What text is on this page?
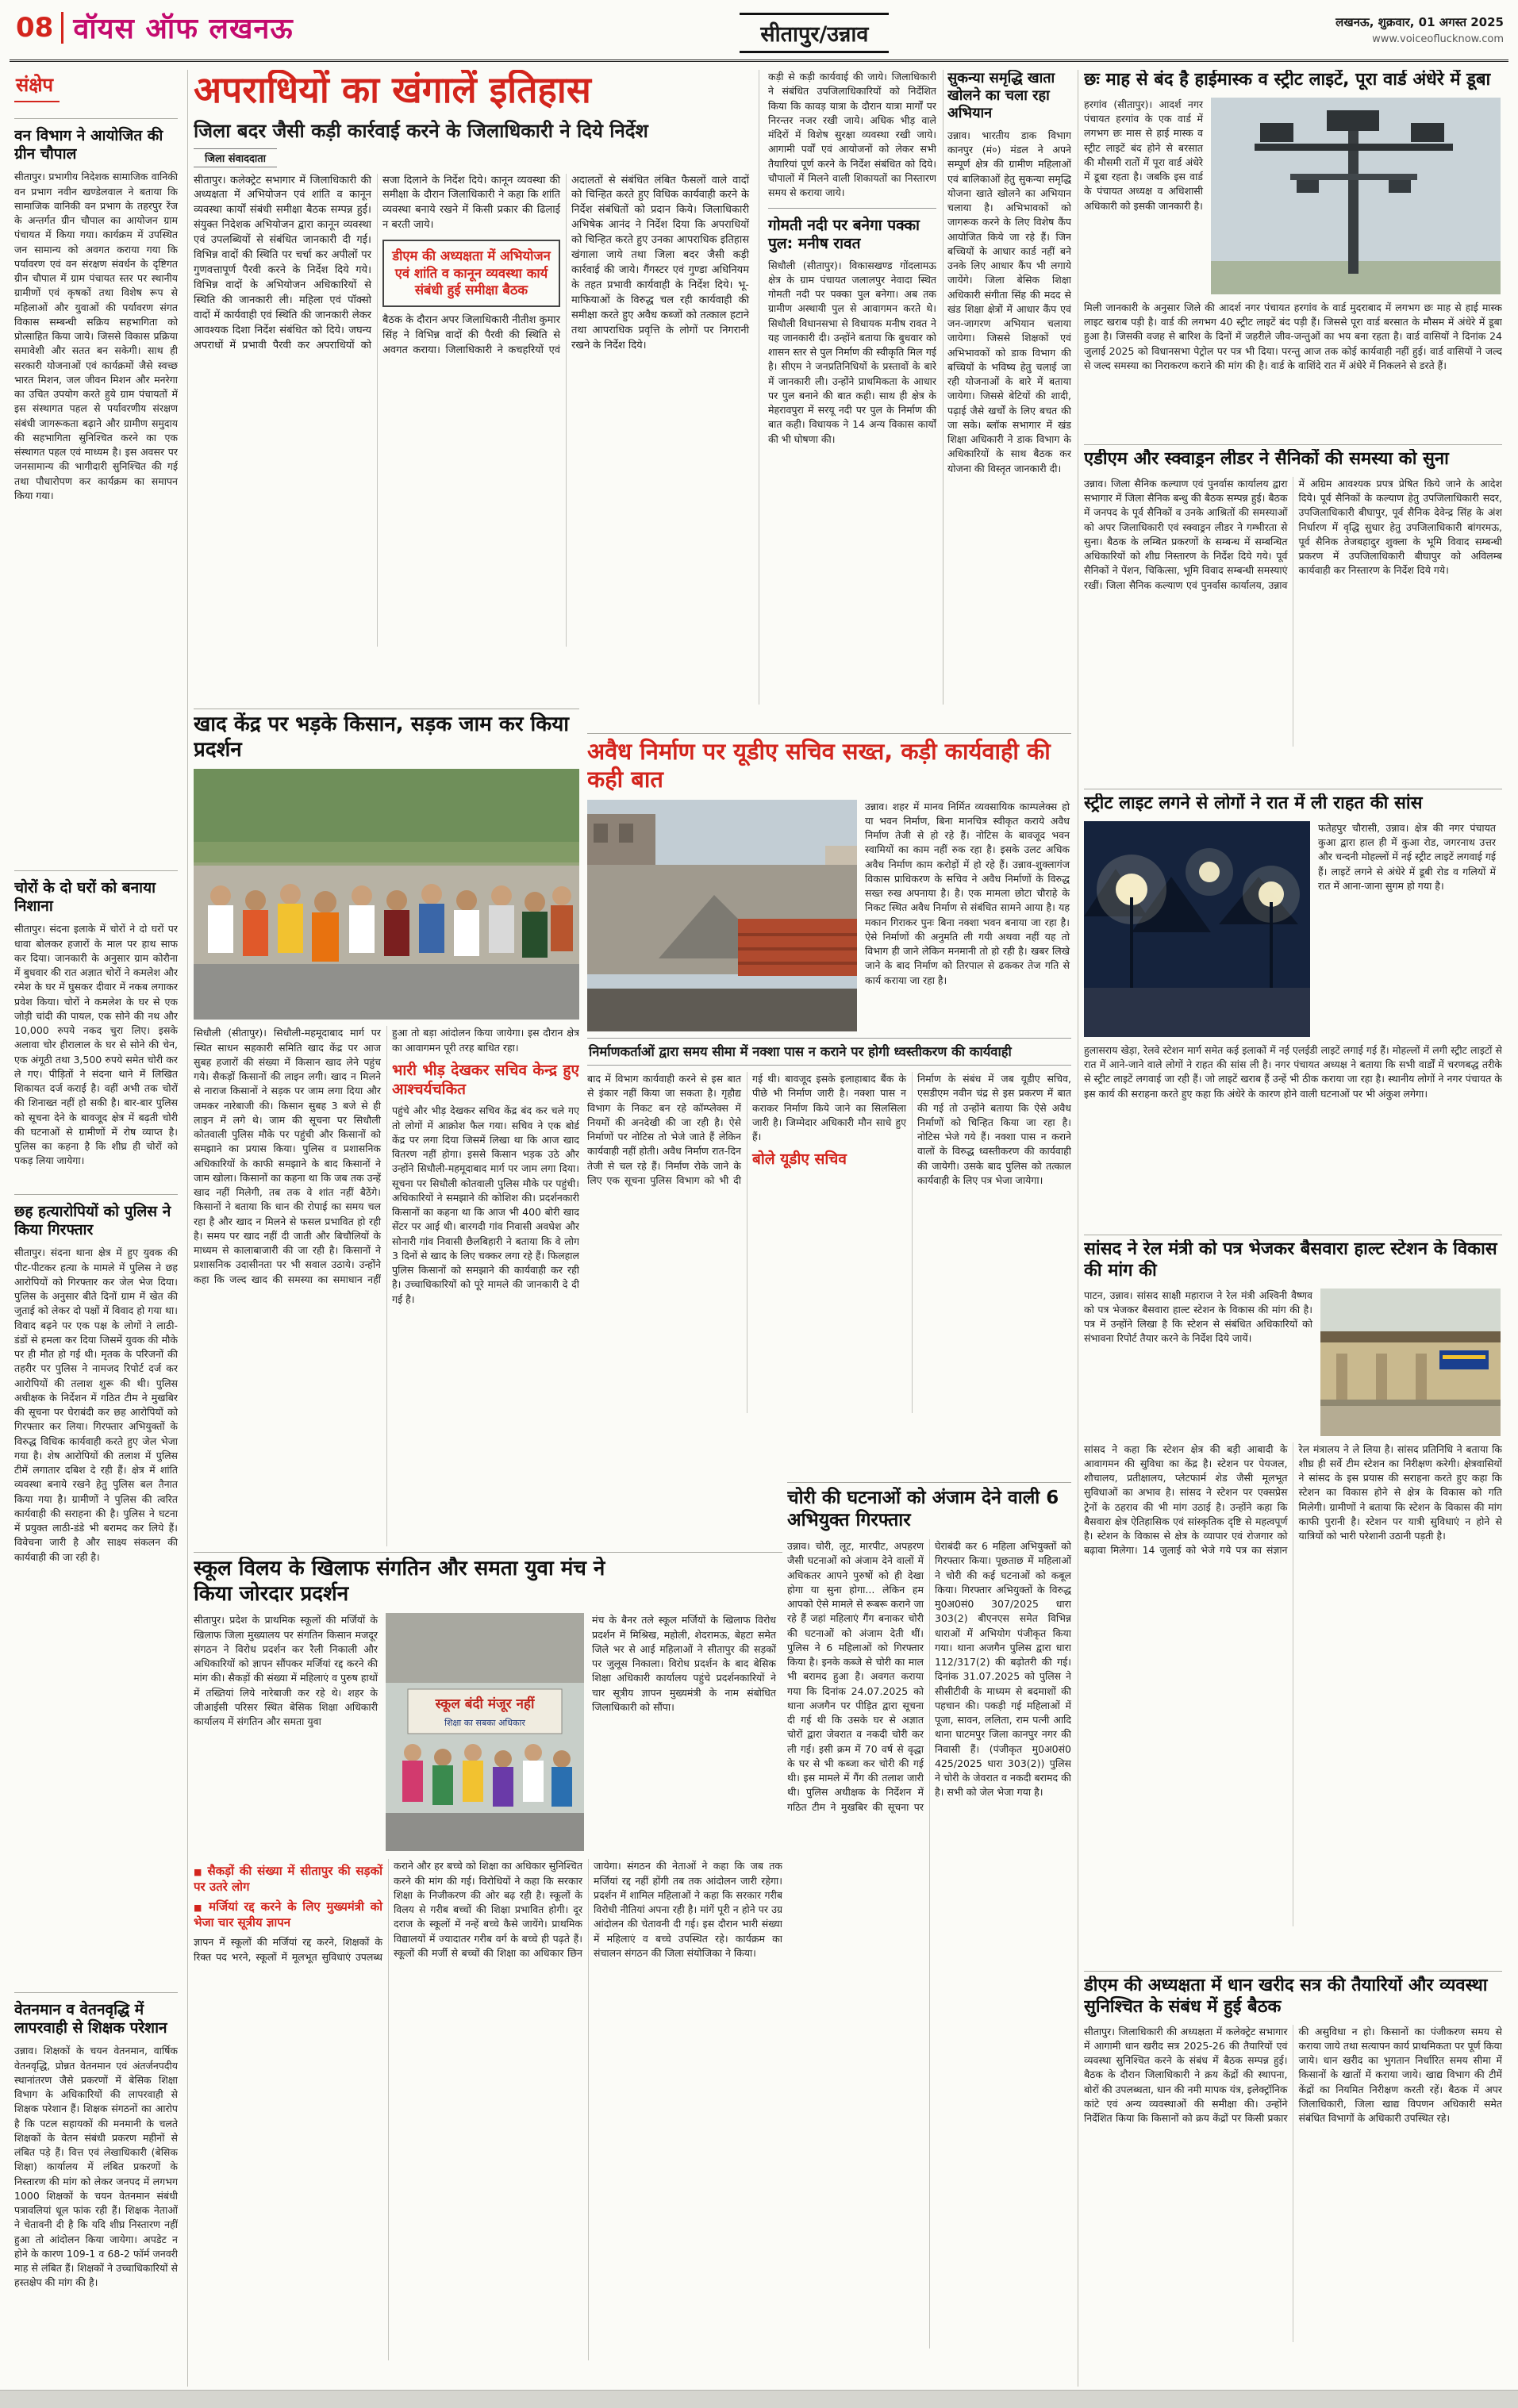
08 वॉयस ऑफ लखनऊ	सीतापुर/उन्नाव	लखनऊ, शुक्रवार, 01 अगस्त 2025
www.voiceoflucknow.com
संक्षेप
वन विभाग ने आयोजित की ग्रीन चौपाल
सीतापुर। प्रभागीय निदेशक सामाजिक वानिकी वन प्रभाग नवीन खण्डेलवाल ने बताया कि सामाजिक वानिकी वन प्रभाग के तहरपुर रेंज के अन्तर्गत ग्रीन चौपाल का आयोजन ग्राम पंचायत में किया गया। कार्यक्रम में उपस्थित जन सामान्य को अवगत कराया गया कि पर्यावरण एवं वन संरक्षण संवर्धन के दृष्टिगत ग्रीन चौपाल में ग्राम पंचायत स्तर पर स्थानीय ग्रामीणों एवं कृषकों तथा विशेष रूप से महिलाओं और युवाओं की पर्यावरण संगत विकास सम्बन्धी सक्रिय सहभागिता को प्रोत्साहित किया जाये। जिससे विकास प्रक्रिया समावेशी और सतत बन सकेगी। साथ ही सरकारी योजनाओं एवं कार्यक्रमों जैसे स्वच्छ भारत मिशन, जल जीवन मिशन और मनरेगा का उचित उपयोग करते हुये ग्राम पंचायतों में इस संस्थागत पहल से पर्यावरणीय संरक्षण संबंधी जागरूकता बढ़ाने और ग्रामीण समुदाय की सहभागिता सुनिश्चित करने का एक संस्थागत पहल एवं माध्यम है। इस अवसर पर जनसामान्य की भागीदारी सुनिश्चित की गई तथा पौधारोपण कर कार्यक्रम का समापन किया गया।
चोरों के दो घरों को बनाया निशाना
सीतापुर। संदना इलाके में चोरों ने दो घरों पर धावा बोलकर हजारों के माल पर हाथ साफ कर दिया। जानकारी के अनुसार ग्राम कोरौना में बुधवार की रात अज्ञात चोरों ने कमलेश और रमेश के घर में घुसकर दीवार में नकब लगाकर प्रवेश किया। चोरों ने कमलेश के घर से एक जोड़ी चांदी की पायल, एक सोने की नथ और 10,000 रुपये नकद चुरा लिए। इसके अलावा चोर हीरालाल के घर से सोने की चेन, एक अंगूठी तथा 3,500 रुपये समेत चोरी कर ले गए। पीड़ितों ने संदना थाने में लिखित शिकायत दर्ज कराई है। वहीं अभी तक चोरों की शिनाख्त नहीं हो सकी है। बार-बार पुलिस को सूचना देने के बावजूद क्षेत्र में बढ़ती चोरी की घटनाओं से ग्रामीणों में रोष व्याप्त है। पुलिस का कहना है कि शीघ्र ही चोरों को पकड़ लिया जायेगा।
छह हत्यारोपियों को पुलिस ने किया गिरफ्तार
सीतापुर। संदना थाना क्षेत्र में हुए युवक की पीट-पीटकर हत्या के मामले में पुलिस ने छह आरोपियों को गिरफ्तार कर जेल भेज दिया। पुलिस के अनुसार बीते दिनों ग्राम में खेत की जुताई को लेकर दो पक्षों में विवाद हो गया था। विवाद बढ़ने पर एक पक्ष के लोगों ने लाठी-डंडों से हमला कर दिया जिसमें युवक की मौके पर ही मौत हो गई थी। मृतक के परिजनों की तहरीर पर पुलिस ने नामजद रिपोर्ट दर्ज कर आरोपियों की तलाश शुरू की थी। पुलिस अधीक्षक के निर्देशन में गठित टीम ने मुखबिर की सूचना पर घेराबंदी कर छह आरोपियों को गिरफ्तार कर लिया। गिरफ्तार अभियुक्तों के विरुद्ध विधिक कार्यवाही करते हुए जेल भेजा गया है। शेष आरोपियों की तलाश में पुलिस टीमें लगातार दबिश दे रही हैं। क्षेत्र में शांति व्यवस्था बनाये रखने हेतु पुलिस बल तैनात किया गया है। ग्रामीणों ने पुलिस की त्वरित कार्यवाही की सराहना की है। पुलिस ने घटना में प्रयुक्त लाठी-डंडे भी बरामद कर लिये हैं। विवेचना जारी है और साक्ष्य संकलन की कार्यवाही की जा रही है।
वेतनमान व वेतनवृद्धि में लापरवाही से शिक्षक परेशान
उन्नाव। शिक्षकों के चयन वेतनमान, वार्षिक वेतनवृद्धि, प्रोन्नत वेतनमान एवं अंतर्जनपदीय स्थानांतरण जैसे प्रकरणों में बेसिक शिक्षा विभाग के अधिकारियों की लापरवाही से शिक्षक परेशान हैं। शिक्षक संगठनों का आरोप है कि पटल सहायकों की मनमानी के चलते शिक्षकों के वेतन संबंधी प्रकरण महीनों से लंबित पड़े हैं। वित्त एवं लेखाधिकारी (बेसिक शिक्षा) कार्यालय में लंबित प्रकरणों के निस्तारण की मांग को लेकर जनपद में लगभग 1000 शिक्षकों के चयन वेतनमान संबंधी पत्रावलियां धूल फांक रही हैं। शिक्षक नेताओं ने चेतावनी दी है कि यदि शीघ्र निस्तारण नहीं हुआ तो आंदोलन किया जायेगा। अपडेट न होने के कारण 109-1 व 68-2 फॉर्म जनवरी माह से लंबित हैं। शिक्षकों ने उच्चाधिकारियों से हस्तक्षेप की मांग की है।
अपराधियों का खंगालें इतिहास
जिला बदर जैसी कड़ी कार्रवाई करने के जिलाधिकारी ने दिये निर्देश
जिला संवाददाता
सीतापुर। कलेक्ट्रेट सभागार में जिलाधिकारी की अध्यक्षता में अभियोजन एवं शांति व कानून व्यवस्था कार्यों संबंधी समीक्षा बैठक सम्पन्न हुई। संयुक्त निदेशक अभियोजन द्वारा कानून व्यवस्था एवं उपलब्धियों से संबंधित जानकारी दी गई। विभिन्न वादों की स्थिति पर चर्चा कर अपीलों पर गुणवत्तापूर्ण पैरवी करने के निर्देश दिये गये। विभिन्न वादों के अभियोजन अधिकारियों से स्थिति की जानकारी ली। महिला एवं पॉक्सो वादों में कार्यवाही एवं स्थिति की जानकारी लेकर आवश्यक दिशा निर्देश संबंधित को दिये। जघन्य अपराधों में प्रभावी पैरवी कर अपराधियों को सजा दिलाने के निर्देश दिये। कानून व्यवस्था की समीक्षा के दौरान जिलाधिकारी ने कहा कि शांति व्यवस्था बनाये रखने में किसी प्रकार की ढिलाई न बरती जाये।
डीएम की अध्यक्षता में अभियोजन एवं शांति व कानून व्यवस्था कार्य संबंधी हुई समीक्षा बैठक
बैठक के दौरान अपर जिलाधिकारी नीतीश कुमार सिंह ने विभिन्न वादों की पैरवी की स्थिति से अवगत कराया। जिलाधिकारी ने कचहरियों एवं अदालतों से संबंधित लंबित फैसलों वाले वादों को चिन्हित करते हुए विधिक कार्यवाही करने के निर्देश संबंधितों को प्रदान किये। जिलाधिकारी अभिषेक आनंद ने निर्देश दिया कि अपराधियों को चिन्हित करते हुए उनका आपराधिक इतिहास खंगाला जाये तथा जिला बदर जैसी कड़ी कार्रवाई की जाये। गैंगस्टर एवं गुण्डा अधिनियम के तहत प्रभावी कार्यवाही के निर्देश दिये। भू-माफियाओं के विरुद्ध चल रही कार्यवाही की समीक्षा करते हुए अवैध कब्जों को तत्काल हटाने तथा आपराधिक प्रवृत्ति के लोगों पर निगरानी रखने के निर्देश दिये।
कड़ी से कड़ी कार्यवाई की जाये। जिलाधिकारी ने संबंधित उपजिलाधिकारियों को निर्देशित किया कि कावड़ यात्रा के दौरान यात्रा मार्गों पर निरन्तर नजर रखी जाये। अधिक भीड़ वाले मंदिरों में विशेष सुरक्षा व्यवस्था रखी जाये। आगामी पर्वों एवं आयोजनों को लेकर सभी तैयारियां पूर्ण करने के निर्देश संबंधित को दिये। चौपालों में मिलने वाली शिकायतों का निस्तारण समय से कराया जाये।
गोमती नदी पर बनेगा पक्का पुल: मनीष रावत
सिधौली (सीतापुर)। विकासखण्ड गोंदलामऊ क्षेत्र के ग्राम पंचायत जलालपुर नेवादा स्थित गोमती नदी पर पक्का पुल बनेगा। अब तक ग्रामीण अस्थायी पुल से आवागमन करते थे। सिधौली विधानसभा से विधायक मनीष रावत ने यह जानकारी दी। उन्होंने बताया कि बुधवार को शासन स्तर से पुल निर्माण की स्वीकृति मिल गई है। सीएम ने जनप्रतिनिधियों के प्रस्तावों के बारे में जानकारी ली। उन्होंने प्राथमिकता के आधार पर पुल बनाने की बात कही। साथ ही क्षेत्र के मेहरावपुरा में सरयू नदी पर पुल के निर्माण की बात कही। विधायक ने 14 अन्य विकास कार्यों की भी घोषणा की।
सुकन्या समृद्धि खाता खोलने का चला रहा अभियान
उन्नाव। भारतीय डाक विभाग कानपुर (मं०) मंडल ने अपने सम्पूर्ण क्षेत्र की ग्रामीण महिलाओं एवं बालिकाओं हेतु सुकन्या समृद्धि योजना खाते खोलने का अभियान चलाया है। अभिभावकों को जागरूक करने के लिए विशेष कैंप आयोजित किये जा रहे हैं। जिन बच्चियों के आधार कार्ड नहीं बने उनके लिए आधार कैंप भी लगाये जायेंगे। जिला बेसिक शिक्षा अधिकारी संगीता सिंह की मदद से खंड शिक्षा क्षेत्रों में आधार कैंप एवं जन-जागरण अभियान चलाया जायेगा। जिससे शिक्षकों एवं अभिभावकों को डाक विभाग की बच्चियों के भविष्य हेतु चलाई जा रही योजनाओं के बारे में बताया जायेगा। जिससे बेटियों की शादी, पढ़ाई जैसे खर्चों के लिए बचत की जा सके। ब्लॉक सभागार में खंड शिक्षा अधिकारी ने डाक विभाग के अधिकारियों के साथ बैठक कर योजना की विस्तृत जानकारी दी।
छः माह से बंद है हाईमास्क व स्ट्रीट लाइटें, पूरा वार्ड अंधेरे में डूबा
हरगांव (सीतापुर)। आदर्श नगर पंचायत हरगांव के एक वार्ड में लगभग छः मास से हाई मास्क व स्ट्रीट लाइटें बंद होने से बरसात की मौसमी रातों में पूरा वार्ड अंधेरे में डूबा रहता है। जबकि इस वार्ड के पंचायत अध्यक्ष व अधिशासी अधिकारी को इसकी जानकारी है।
मिली जानकारी के अनुसार जिले की आदर्श नगर पंचायत हरगांव के वार्ड मुदराबाद में लगभग छः माह से हाई मास्क लाइट खराब पड़ी है। वार्ड की लगभग 40 स्ट्रीट लाइटें बंद पड़ी हैं। जिससे पूरा वार्ड बरसात के मौसम में अंधेरे में डूबा हुआ है। जिसकी वजह से बारिश के दिनों में जहरीले जीव-जन्तुओं का भय बना रहता है। वार्ड वासियों ने दिनांक 24 जुलाई 2025 को विधानसभा पेट्रोल पर पत्र भी दिया। परन्तु आज तक कोई कार्यवाही नहीं हुई। वार्ड वासियों ने जल्द से जल्द समस्या का निराकरण कराने की मांग की है। वार्ड के वाशिंदे रात में अंधेरे में निकलने से डरते हैं।
एडीएम और स्क्वाड्रन लीडर ने सैनिकों की समस्या को सुना
उन्नाव। जिला सैनिक कल्याण एवं पुनर्वास कार्यालय द्वारा सभागार में जिला सैनिक बन्धु की बैठक सम्पन्न हुई। बैठक में जनपद के पूर्व सैनिकों व उनके आश्रितों की समस्याओं को अपर जिलाधिकारी एवं स्क्वाड्रन लीडर ने गम्भीरता से सुना। बैठक के लम्बित प्रकरणों के सम्बन्ध में सम्बन्धित अधिकारियों को शीघ्र निस्तारण के निर्देश दिये गये। पूर्व सैनिकों ने पेंशन, चिकित्सा, भूमि विवाद सम्बन्धी समस्याएं रखीं। जिला सैनिक कल्याण एवं पुनर्वास कार्यालय, उन्नाव में अग्रिम आवश्यक प्रपत्र प्रेषित किये जाने के आदेश दिये। पूर्व सैनिकों के कल्याण हेतु उपजिलाधिकारी सदर, उपजिलाधिकारी बीघापुर, पूर्व सैनिक देवेन्द्र सिंह के अंश निर्धारण में वृद्धि सुधार हेतु उपजिलाधिकारी बांगरमऊ, पूर्व सैनिक तेजबहादुर शुक्ला के भूमि विवाद सम्बन्धी प्रकरण में उपजिलाधिकारी बीघापुर को अविलम्ब कार्यवाही कर निस्तारण के निर्देश दिये गये।
स्ट्रीट लाइट लगने से लोगों ने रात में ली राहत की सांस
फतेहपुर चौरासी, उन्नाव। क्षेत्र की नगर पंचायत कुआ द्वारा हाल ही में कुआ रोड, जगरनाथ उत्तर और चन्दनी मोहल्लों में नई स्ट्रीट लाइटें लगवाई गई हैं। लाइटें लगने से अंधेरे में डूबी रोड व गलियों में रात में आना-जाना सुगम हो गया है।
हुलासराय खेड़ा, रेलवे स्टेशन मार्ग समेत कई इलाकों में नई एलईडी लाइटें लगाई गई हैं। मोहल्लों में लगी स्ट्रीट लाइटों से रात में आने-जाने वाले लोगों ने राहत की सांस ली है। नगर पंचायत अध्यक्ष ने बताया कि सभी वार्डों में चरणबद्ध तरीके से स्ट्रीट लाइटें लगवाई जा रही हैं। जो लाइटें खराब हैं उन्हें भी ठीक कराया जा रहा है। स्थानीय लोगों ने नगर पंचायत के इस कार्य की सराहना करते हुए कहा कि अंधेरे के कारण होने वाली घटनाओं पर भी अंकुश लगेगा।
सांसद ने रेल मंत्री को पत्र भेजकर बैसवारा हाल्ट स्टेशन के विकास की मांग की
पाटन, उन्नाव। सांसद साक्षी महाराज ने रेल मंत्री अश्विनी वैष्णव को पत्र भेजकर बैसवारा हाल्ट स्टेशन के विकास की मांग की है। पत्र में उन्होंने लिखा है कि स्टेशन से संबंधित अधिकारियों को संभावना रिपोर्ट तैयार करने के निर्देश दिये जायें।
सांसद ने कहा कि स्टेशन क्षेत्र की बड़ी आबादी के आवागमन की सुविधा का केंद्र है। स्टेशन पर पेयजल, शौचालय, प्रतीक्षालय, प्लेटफार्म शेड जैसी मूलभूत सुविधाओं का अभाव है। सांसद ने स्टेशन पर एक्सप्रेस ट्रेनों के ठहराव की भी मांग उठाई है। उन्होंने कहा कि बैसवारा क्षेत्र ऐतिहासिक एवं सांस्कृतिक दृष्टि से महत्वपूर्ण है। स्टेशन के विकास से क्षेत्र के व्यापार एवं रोजगार को बढ़ावा मिलेगा। 14 जुलाई को भेजे गये पत्र का संज्ञान रेल मंत्रालय ने ले लिया है। सांसद प्रतिनिधि ने बताया कि शीघ्र ही सर्वे टीम स्टेशन का निरीक्षण करेगी। क्षेत्रवासियों ने सांसद के इस प्रयास की सराहना करते हुए कहा कि स्टेशन का विकास होने से क्षेत्र के विकास को गति मिलेगी। ग्रामीणों ने बताया कि स्टेशन के विकास की मांग काफी पुरानी है। स्टेशन पर यात्री सुविधाएं न होने से यात्रियों को भारी परेशानी उठानी पड़ती है।
डीएम की अध्यक्षता में धान खरीद सत्र की तैयारियों और व्यवस्था सुनिश्चित के संबंध में हुई बैठक
सीतापुर। जिलाधिकारी की अध्यक्षता में कलेक्ट्रेट सभागार में आगामी धान खरीद सत्र 2025-26 की तैयारियों एवं व्यवस्था सुनिश्चित करने के संबंध में बैठक सम्पन्न हुई। बैठक के दौरान जिलाधिकारी ने क्रय केंद्रों की स्थापना, बोरों की उपलब्धता, धान की नमी मापक यंत्र, इलेक्ट्रॉनिक कांटे एवं अन्य व्यवस्थाओं की समीक्षा की। उन्होंने निर्देशित किया कि किसानों को क्रय केंद्रों पर किसी प्रकार की असुविधा न हो। किसानों का पंजीकरण समय से कराया जाये तथा सत्यापन कार्य प्राथमिकता पर पूर्ण किया जाये। धान खरीद का भुगतान निर्धारित समय सीमा में किसानों के खातों में कराया जाये। खाद्य विभाग की टीमें केंद्रों का नियमित निरीक्षण करती रहें। बैठक में अपर जिलाधिकारी, जिला खाद्य विपणन अधिकारी समेत संबंधित विभागों के अधिकारी उपस्थित रहे।
खाद केंद्र पर भड़के किसान, सड़क जाम कर किया प्रदर्शन
सिधौली (सीतापुर)। सिधौली-महमूदाबाद मार्ग पर स्थित साधन सहकारी समिति खाद केंद्र पर आज सुबह हजारों की संख्या में किसान खाद लेने पहुंच गये। सैकड़ों किसानों की लाइन लगी। खाद न मिलने से नाराज किसानों ने सड़क पर जाम लगा दिया और जमकर नारेबाजी की। किसान सुबह 3 बजे से ही लाइन में लगे थे। जाम की सूचना पर सिधौली कोतवाली पुलिस मौके पर पहुंची और किसानों को समझाने का प्रयास किया। पुलिस व प्रशासनिक अधिकारियों के काफी समझाने के बाद किसानों ने जाम खोला। किसानों का कहना था कि जब तक उन्हें खाद नहीं मिलेगी, तब तक वे शांत नहीं बैठेंगे। किसानों ने बताया कि धान की रोपाई का समय चल रहा है और खाद न मिलने से फसल प्रभावित हो रही है। समय पर खाद नहीं दी जाती और बिचौलियों के माध्यम से कालाबाजारी की जा रही है। किसानों ने प्रशासनिक उदासीनता पर भी सवाल उठाये। उन्होंने कहा कि जल्द खाद की समस्या का समाधान नहीं हुआ तो बड़ा आंदोलन किया जायेगा। इस दौरान क्षेत्र का आवागमन पूरी तरह बाधित रहा।
भारी भीड़ देखकर सचिव केन्द्र हुए आश्चर्यचकित
पहुंचे और भीड़ देखकर सचिव केंद्र बंद कर चले गए तो लोगों में आक्रोश फैल गया। सचिव ने एक बोर्ड केंद्र पर लगा दिया जिसमें लिखा था कि आज खाद वितरण नहीं होगा। इससे किसान भड़क उठे और उन्होंने सिधौली-महमूदाबाद मार्ग पर जाम लगा दिया। सूचना पर सिधौली कोतवाली पुलिस मौके पर पहुंची। अधिकारियों ने समझाने की कोशिश की। प्रदर्शनकारी किसानों का कहना था कि आज भी 400 बोरी खाद सेंटर पर आई थी। बारगदी गांव निवासी अवधेश और सोनारी गांव निवासी छैलबिहारी ने बताया कि वे लोग 3 दिनों से खाद के लिए चक्कर लगा रहे हैं। फिलहाल पुलिस किसानों को समझाने की कार्यवाही कर रही है। उच्चाधिकारियों को पूरे मामले की जानकारी दे दी गई है।
अवैध निर्माण पर यूडीए सचिव सख्त, कड़ी कार्यवाही की कही बात
उन्नाव। शहर में मानव निर्मित व्यवसायिक काम्पलेक्स हो या भवन निर्माण, बिना मानचित्र स्वीकृत कराये अवैध निर्माण तेजी से हो रहे हैं। नोटिस के बावजूद भवन स्वामियों का काम नहीं रुक रहा है। इसके उलट अधिक अवैध निर्माण काम करोड़ों में हो रहे हैं। उन्नाव-शुक्लागंज विकास प्राधिकरण के सचिव ने अवैध निर्माणों के विरुद्ध सख्त रुख अपनाया है। है। एक मामला छोटा चौराहे के निकट स्थित अवैध निर्माण से संबंधित सामने आया है। यह मकान गिराकर पुनः बिना नक्शा भवन बनाया जा रहा है। ऐसे निर्माणों की अनुमति ली गयी अथवा नहीं यह तो विभाग ही जाने लेकिन मनमानी तो हो रही है। खबर लिखे जाने के बाद निर्माण को तिरपाल से ढककर तेज गति से कार्य कराया जा रहा है।
निर्माणकर्ताओं द्वारा समय सीमा में नक्शा पास न कराने पर होगी ध्वस्तीकरण की कार्यवाही
बाद में विभाग कार्यवाही करने से इस बात से इंकार नहीं किया जा सकता है। गृहौद्य विभाग के निकट बन रहे कॉम्प्लेक्स में नियमों की अनदेखी की जा रही है। ऐसे निर्माणों पर नोटिस तो भेजे जाते हैं लेकिन कार्यवाही नहीं होती। अवैध निर्माण रात-दिन तेजी से चल रहे हैं। निर्माण रोके जाने के लिए एक सूचना पुलिस विभाग को भी दी गई थी। बावजूद इसके इलाहाबाद बैंक के पीछे भी निर्माण जारी है। नक्शा पास न कराकर निर्माण किये जाने का सिलसिला जारी है। जिम्मेदार अधिकारी मौन साधे हुए हैं।
बोले यूडीए सचिव
निर्माण के संबंध में जब यूडीए सचिव, एसडीएम नवीन चंद्र से इस प्रकरण में बात की गई तो उन्होंने बताया कि ऐसे अवैध निर्माणों को चिन्हित किया जा रहा है। नोटिस भेजे गये हैं। नक्शा पास न कराने वालों के विरुद्ध ध्वस्तीकरण की कार्यवाही की जायेगी। उसके बाद पुलिस को तत्काल कार्यवाही के लिए पत्र भेजा जायेगा।
स्कूल विलय के खिलाफ संगतिन और समता युवा मंच ने किया जोरदार प्रदर्शन
सीतापुर। प्रदेश के प्राथमिक स्कूलों की मर्जियों के खिलाफ जिला मुख्यालय पर संगतिन किसान मजदूर संगठन ने विरोध प्रदर्शन कर रैली निकाली और अधिकारियों को ज्ञापन सौंपकर मर्जियां रद्द करने की मांग की। सैकड़ों की संख्या में महिलाएं व पुरुष हाथों में तख्तियां लिये नारेबाजी कर रहे थे। शहर के जीआईसी परिसर स्थित बेसिक शिक्षा अधिकारी कार्यालय में संगतिन और समता युवा
स्कूल बंदी मंजूर नहीं
शिक्षा का सबका अधिकार
मंच के बैनर तले स्कूल मर्जियों के खिलाफ विरोध प्रदर्शन में मिश्रिख, महोली, शेदरामऊ, बेहटा समेत जिले भर से आई महिलाओं ने सीतापुर की सड़कों पर जुलूस निकाला। विरोध प्रदर्शन के बाद बेसिक शिक्षा अधिकारी कार्यालय पहुंचे प्रदर्शनकारियों ने चार सूत्रीय ज्ञापन मुख्यमंत्री के नाम संबोधित जिलाधिकारी को सौंपा।
■ सैकड़ों की संख्या में सीतापुर की सड़कों पर उतरे लोग
■ मर्जियां रद्द करने के लिए मुख्यमंत्री को भेजा चार सूत्रीय ज्ञापन
ज्ञापन में स्कूलों की मर्जियां रद्द करने, शिक्षकों के रिक्त पद भरने, स्कूलों में मूलभूत सुविधाएं उपलब्ध कराने और हर बच्चे को शिक्षा का अधिकार सुनिश्चित करने की मांग की गई। विरोधियों ने कहा कि सरकार शिक्षा के निजीकरण की ओर बढ़ रही है। स्कूलों के विलय से गरीब बच्चों की शिक्षा प्रभावित होगी। दूर दराज के स्कूलों में नन्हें बच्चे कैसे जायेंगे। प्राथमिक विद्यालयों में ज्यादातर गरीब वर्ग के बच्चे ही पढ़ते हैं। स्कूलों की मर्जी से बच्चों की शिक्षा का अधिकार छिन जायेगा। संगठन की नेताओं ने कहा कि जब तक मर्जियां रद्द नहीं होंगी तब तक आंदोलन जारी रहेगा। प्रदर्शन में शामिल महिलाओं ने कहा कि सरकार गरीब विरोधी नीतियां अपना रही है। मांगें पूरी न होने पर उग्र आंदोलन की चेतावनी दी गई। इस दौरान भारी संख्या में महिलाएं व बच्चे उपस्थित रहे। कार्यक्रम का संचालन संगठन की जिला संयोजिका ने किया।
चोरी की घटनाओं को अंजाम देने वाली 6 अभियुक्त गिरफ्तार
उन्नाव। चोरी, लूट, मारपीट, अपहरण जैसी घटनाओं को अंजाम देने वालों में अधिकतर आपने पुरुषों को ही देखा होगा या सुना होगा... लेकिन हम आपको ऐसे मामले से रूबरू कराने जा रहे हैं जहां महिलाएं गैंग बनाकर चोरी की घटनाओं को अंजाम देती थीं। पुलिस ने 6 महिलाओं को गिरफ्तार किया है। इनके कब्जे से चोरी का माल भी बरामद हुआ है। अवगत कराया गया कि दिनांक 24.07.2025 को थाना अजगैन पर पीड़ित द्वारा सूचना दी गई थी कि उसके घर से अज्ञात चोरों द्वारा जेवरात व नकदी चोरी कर ली गई। इसी क्रम में 70 वर्ष से वृद्धा के घर से भी कब्जा कर चोरी की गई थी। इस मामले में गैंग की तलाश जारी थी। पुलिस अधीक्षक के निर्देशन में गठित टीम ने मुखबिर की सूचना पर घेराबंदी कर 6 महिला अभियुक्तों को गिरफ्तार किया। पूछताछ में महिलाओं ने चोरी की कई घटनाओं को कबूल किया। गिरफ्तार अभियुक्तों के विरुद्ध मु0अ0सं0 307/2025 धारा 303(2) बीएनएस समेत विभिन्न धाराओं में अभियोग पंजीकृत किया गया। थाना अजगैन पुलिस द्वारा धारा 112/317(2) की बढ़ोतरी की गई। दिनांक 31.07.2025 को पुलिस ने सीसीटीवी के माध्यम से बदमाशों की पहचान की। पकड़ी गई महिलाओं में पूजा, सावन, ललिता, राम पत्नी आदि थाना घाटमपुर जिला कानपुर नगर की निवासी हैं। (पंजीकृत मु0अ0सं0 425/2025 धारा 303(2)) पुलिस ने चोरी के जेवरात व नकदी बरामद की है। सभी को जेल भेजा गया है।
